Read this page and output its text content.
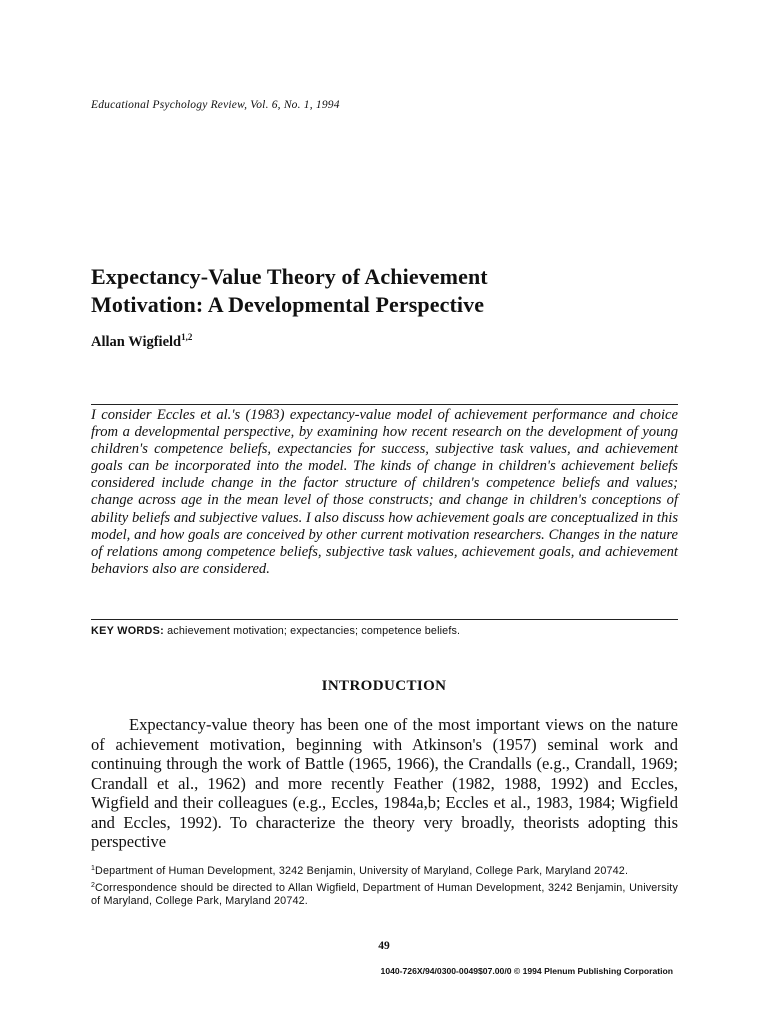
Educational Psychology Review, Vol. 6, No. 1, 1994
Expectancy-Value Theory of Achievement
Motivation: A Developmental Perspective
Allan Wigfield$^{1,2}$

I consider Eccles et al.'s (1983) expectancy-value model of achievement performance and choice from a developmental perspective, by examining how recent research on the development of young children's competence beliefs, expectancies for success, subjective task values, and achievement goals can be incorporated into the model. The kinds of change in children's achievement beliefs considered include change in the factor structure of children's competence beliefs and values; change across age in the mean level of those constructs; and change in children's conceptions of ability beliefs and subjective values. I also discuss how achievement goals are conceptualized in this model, and how goals are conceived by other current motivation researchers. Changes in the nature of relations among competence beliefs, subjective task values, achievement goals, and achievement behaviors also are considered.

KEY WORDS: achievement motivation; expectancies; competence beliefs.
INTRODUCTION

Expectancy-value theory has been one of the most important views on the nature of achievement motivation, beginning with Atkinson's (1957) seminal work and continuing through the work of Battle (1965, 1966), the Crandalls (e.g., Crandall, 1969; Crandall et al., 1962) and more recently Feather (1982, 1988, 1992) and Eccles, Wigfield and their colleagues (e.g., Eccles, 1984a,b; Eccles et al., 1983, 1984; Wigfield and Eccles, 1992). To characterize the theory very broadly, theorists adopting this perspective

$^1$Department of Human Development, 3242 Benjamin, University of Maryland, College Park, Maryland 20742.

$^2$Correspondence should be directed to Allan Wigfield, Department of Human Development, 3242 Benjamin, University of Maryland, College Park, Maryland 20742.

49
1040-726X/94/0300-0049$07.00/0 © 1994 Plenum Publishing Corporation
